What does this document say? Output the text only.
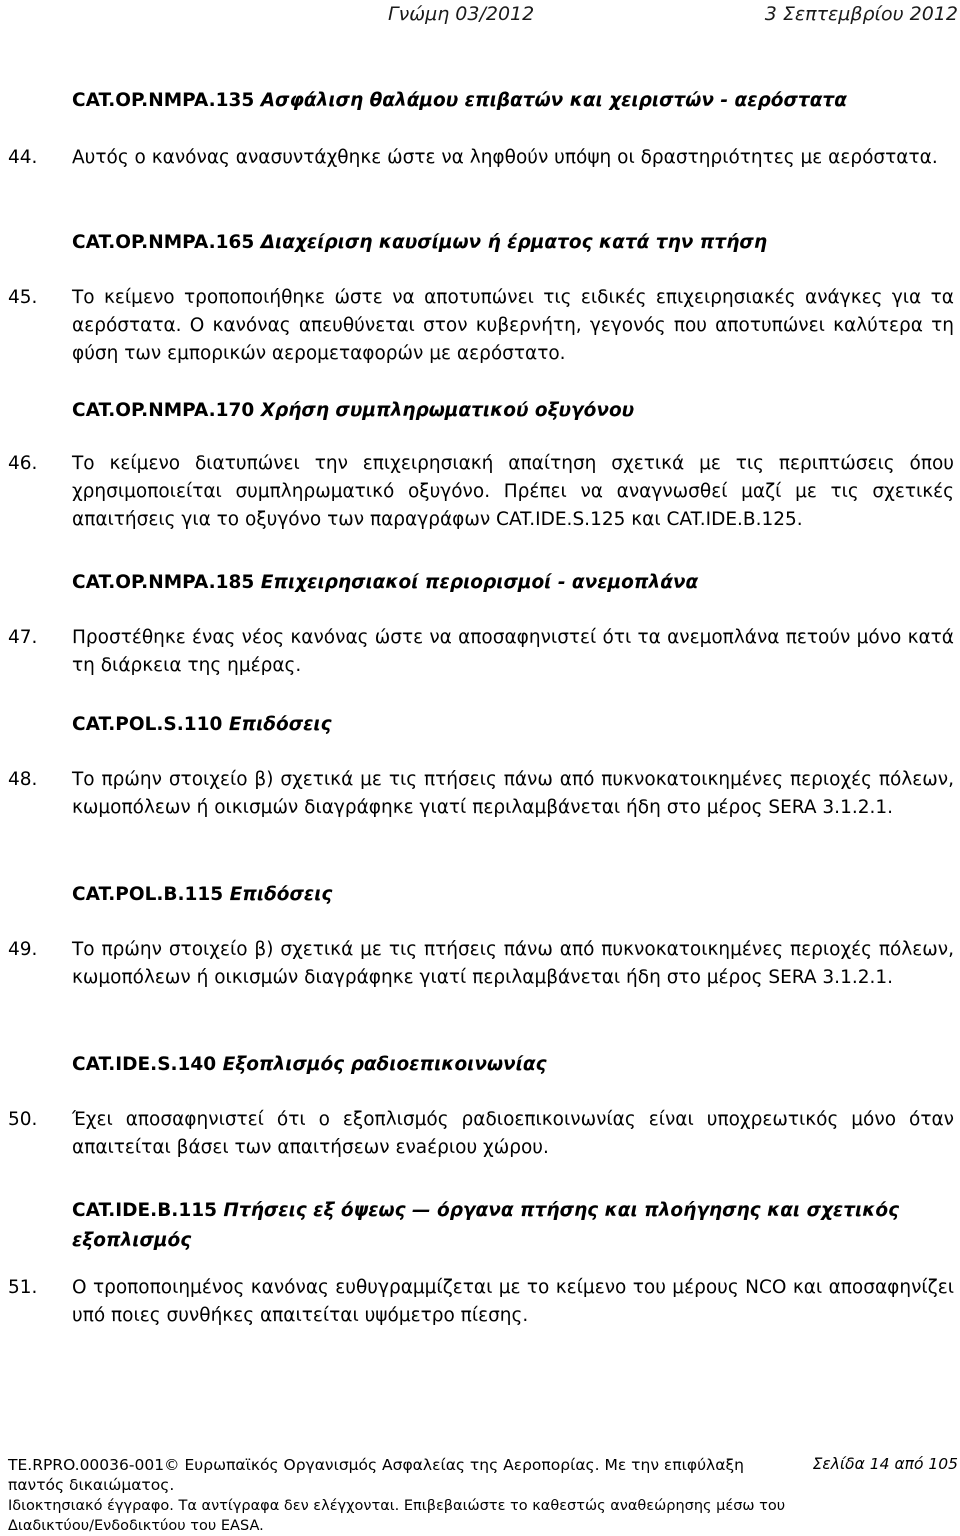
Γνώμη 03/2012	3 Σεπτεμβρίου 2012
CAT.OP.NMPA.135 Ασφάλιση θαλάμου επιβατών και χειριστών - αερόστατα
44. Αυτός ο κανόνας ανασυντάχθηκε ώστε να ληφθούν υπόψη οι δραστηριότητες με αερόστατα.
CAT.OP.NMPA.165 Διαχείριση καυσίμων ή έρματος κατά την πτήση
45. Το κείμενο τροποποιήθηκε ώστε να αποτυπώνει τις ειδικές επιχειρησιακές ανάγκες για τα αερόστατα. Ο κανόνας απευθύνεται στον κυβερνήτη, γεγονός που αποτυπώνει καλύτερα τη φύση των εμπορικών αερομεταφορών με αερόστατο.
CAT.OP.NMPA.170 Χρήση συμπληρωματικού οξυγόνου
46. Το κείμενο διατυπώνει την επιχειρησιακή απαίτηση σχετικά με τις περιπτώσεις όπου χρησιμοποιείται συμπληρωματικό οξυγόνο. Πρέπει να αναγνωσθεί μαζί με τις σχετικές απαιτήσεις για το οξυγόνο των παραγράφων CAT.IDE.S.125 και CAT.IDE.B.125.
CAT.OP.NMPA.185 Επιχειρησιακοί περιορισμοί - ανεμοπλάνα
47. Προστέθηκε ένας νέος κανόνας ώστε να αποσαφηνιστεί ότι τα ανεμοπλάνα πετούν μόνο κατά τη διάρκεια της ημέρας.
CAT.POL.S.110 Επιδόσεις
48. Το πρώην στοιχείο β) σχετικά με τις πτήσεις πάνω από πυκνοκατοικημένες περιοχές πόλεων, κωμοπόλεων ή οικισμών διαγράφηκε γιατί περιλαμβάνεται ήδη στο μέρος SERA 3.1.2.1.
CAT.POL.B.115 Επιδόσεις
49. Το πρώην στοιχείο β) σχετικά με τις πτήσεις πάνω από πυκνοκατοικημένες περιοχές πόλεων, κωμοπόλεων ή οικισμών διαγράφηκε γιατί περιλαμβάνεται ήδη στο μέρος SERA 3.1.2.1.
CAT.IDE.S.140 Εξοπλισμός ραδιοεπικοινωνίας
50. Έχει αποσαφηνιστεί ότι ο εξοπλισμός ραδιοεπικοινωνίας είναι υποχρεωτικός μόνο όταν απαιτείται βάσει των απαιτήσεων ενaέριου χώρου.
CAT.IDE.B.115 Πτήσεις εξ όψεως — όργανα πτήσης και πλοήγησης και σχετικός εξοπλισμός
51. Ο τροποποιημένος κανόνας ευθυγραμμίζεται με το κείμενο του μέρους NCO και αποσαφηνίζει υπό ποιες συνθήκες απαιτείται υψόμετρο πίεσης.
TE.RPRO.00036-001© Ευρωπαϊκός Οργανισμός Ασφαλείας της Αεροπορίας. Με την επιφύλαξη παντός δικαιώματος.
Ιδιοκτησιακό έγγραφο. Τα αντίγραφα δεν ελέγχονται. Επιβεβαιώστε το καθεστώς αναθεώρησης μέσω του Διαδικτύου/Ενδοδικτύου του EASA.
Σελίδα 14 από 105
